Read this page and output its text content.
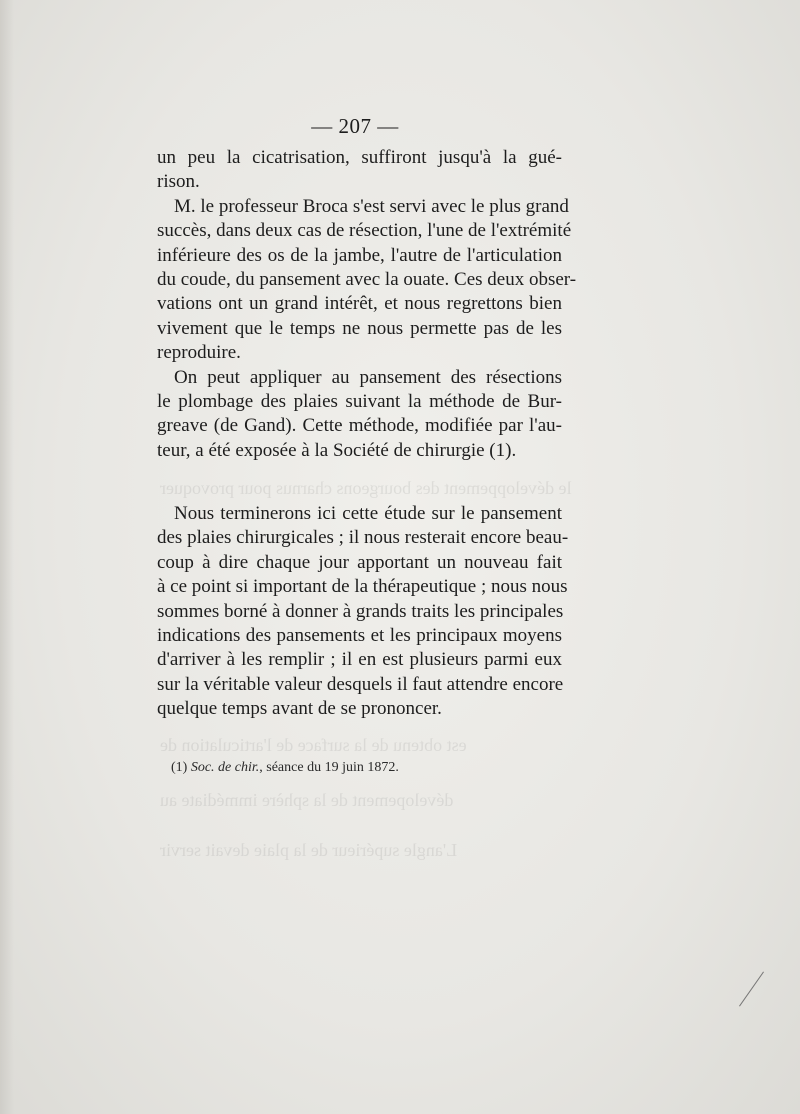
le développement des bourgeons charnus pour provoquer
est obtenu de la surface de l'articulation de
dévelopement de la sphère immédiate au
L'angle supérieur de la plaie devait servir
— 207 —
un peu la cicatrisation, suffiront jusqu'à la gué-
rison.
M. le professeur Broca s'est servi avec le plus grand
succès, dans deux cas de résection, l'une de l'extrémité
inférieure des os de la jambe, l'autre de l'articulation
du coude, du pansement avec la ouate. Ces deux obser-
vations ont un grand intérêt, et nous regrettons bien
vivement que le temps ne nous permette pas de les
reproduire.
On peut appliquer au pansement des résections
le plombage des plaies suivant la méthode de Bur-
greave (de Gand). Cette méthode, modifiée par l'au-
teur, a été exposée à la Société de chirurgie (1).
Nous terminerons ici cette étude sur le pansement
des plaies chirurgicales ; il nous resterait encore beau-
coup à dire chaque jour apportant un nouveau fait
à ce point si important de la thérapeutique ; nous nous
sommes borné à donner à grands traits les principales
indications des pansements et les principaux moyens
d'arriver à les remplir ; il en est plusieurs parmi eux
sur la véritable valeur desquels il faut attendre encore
quelque temps avant de se prononcer.
(1) Soc. de chir., séance du 19 juin 1872.
